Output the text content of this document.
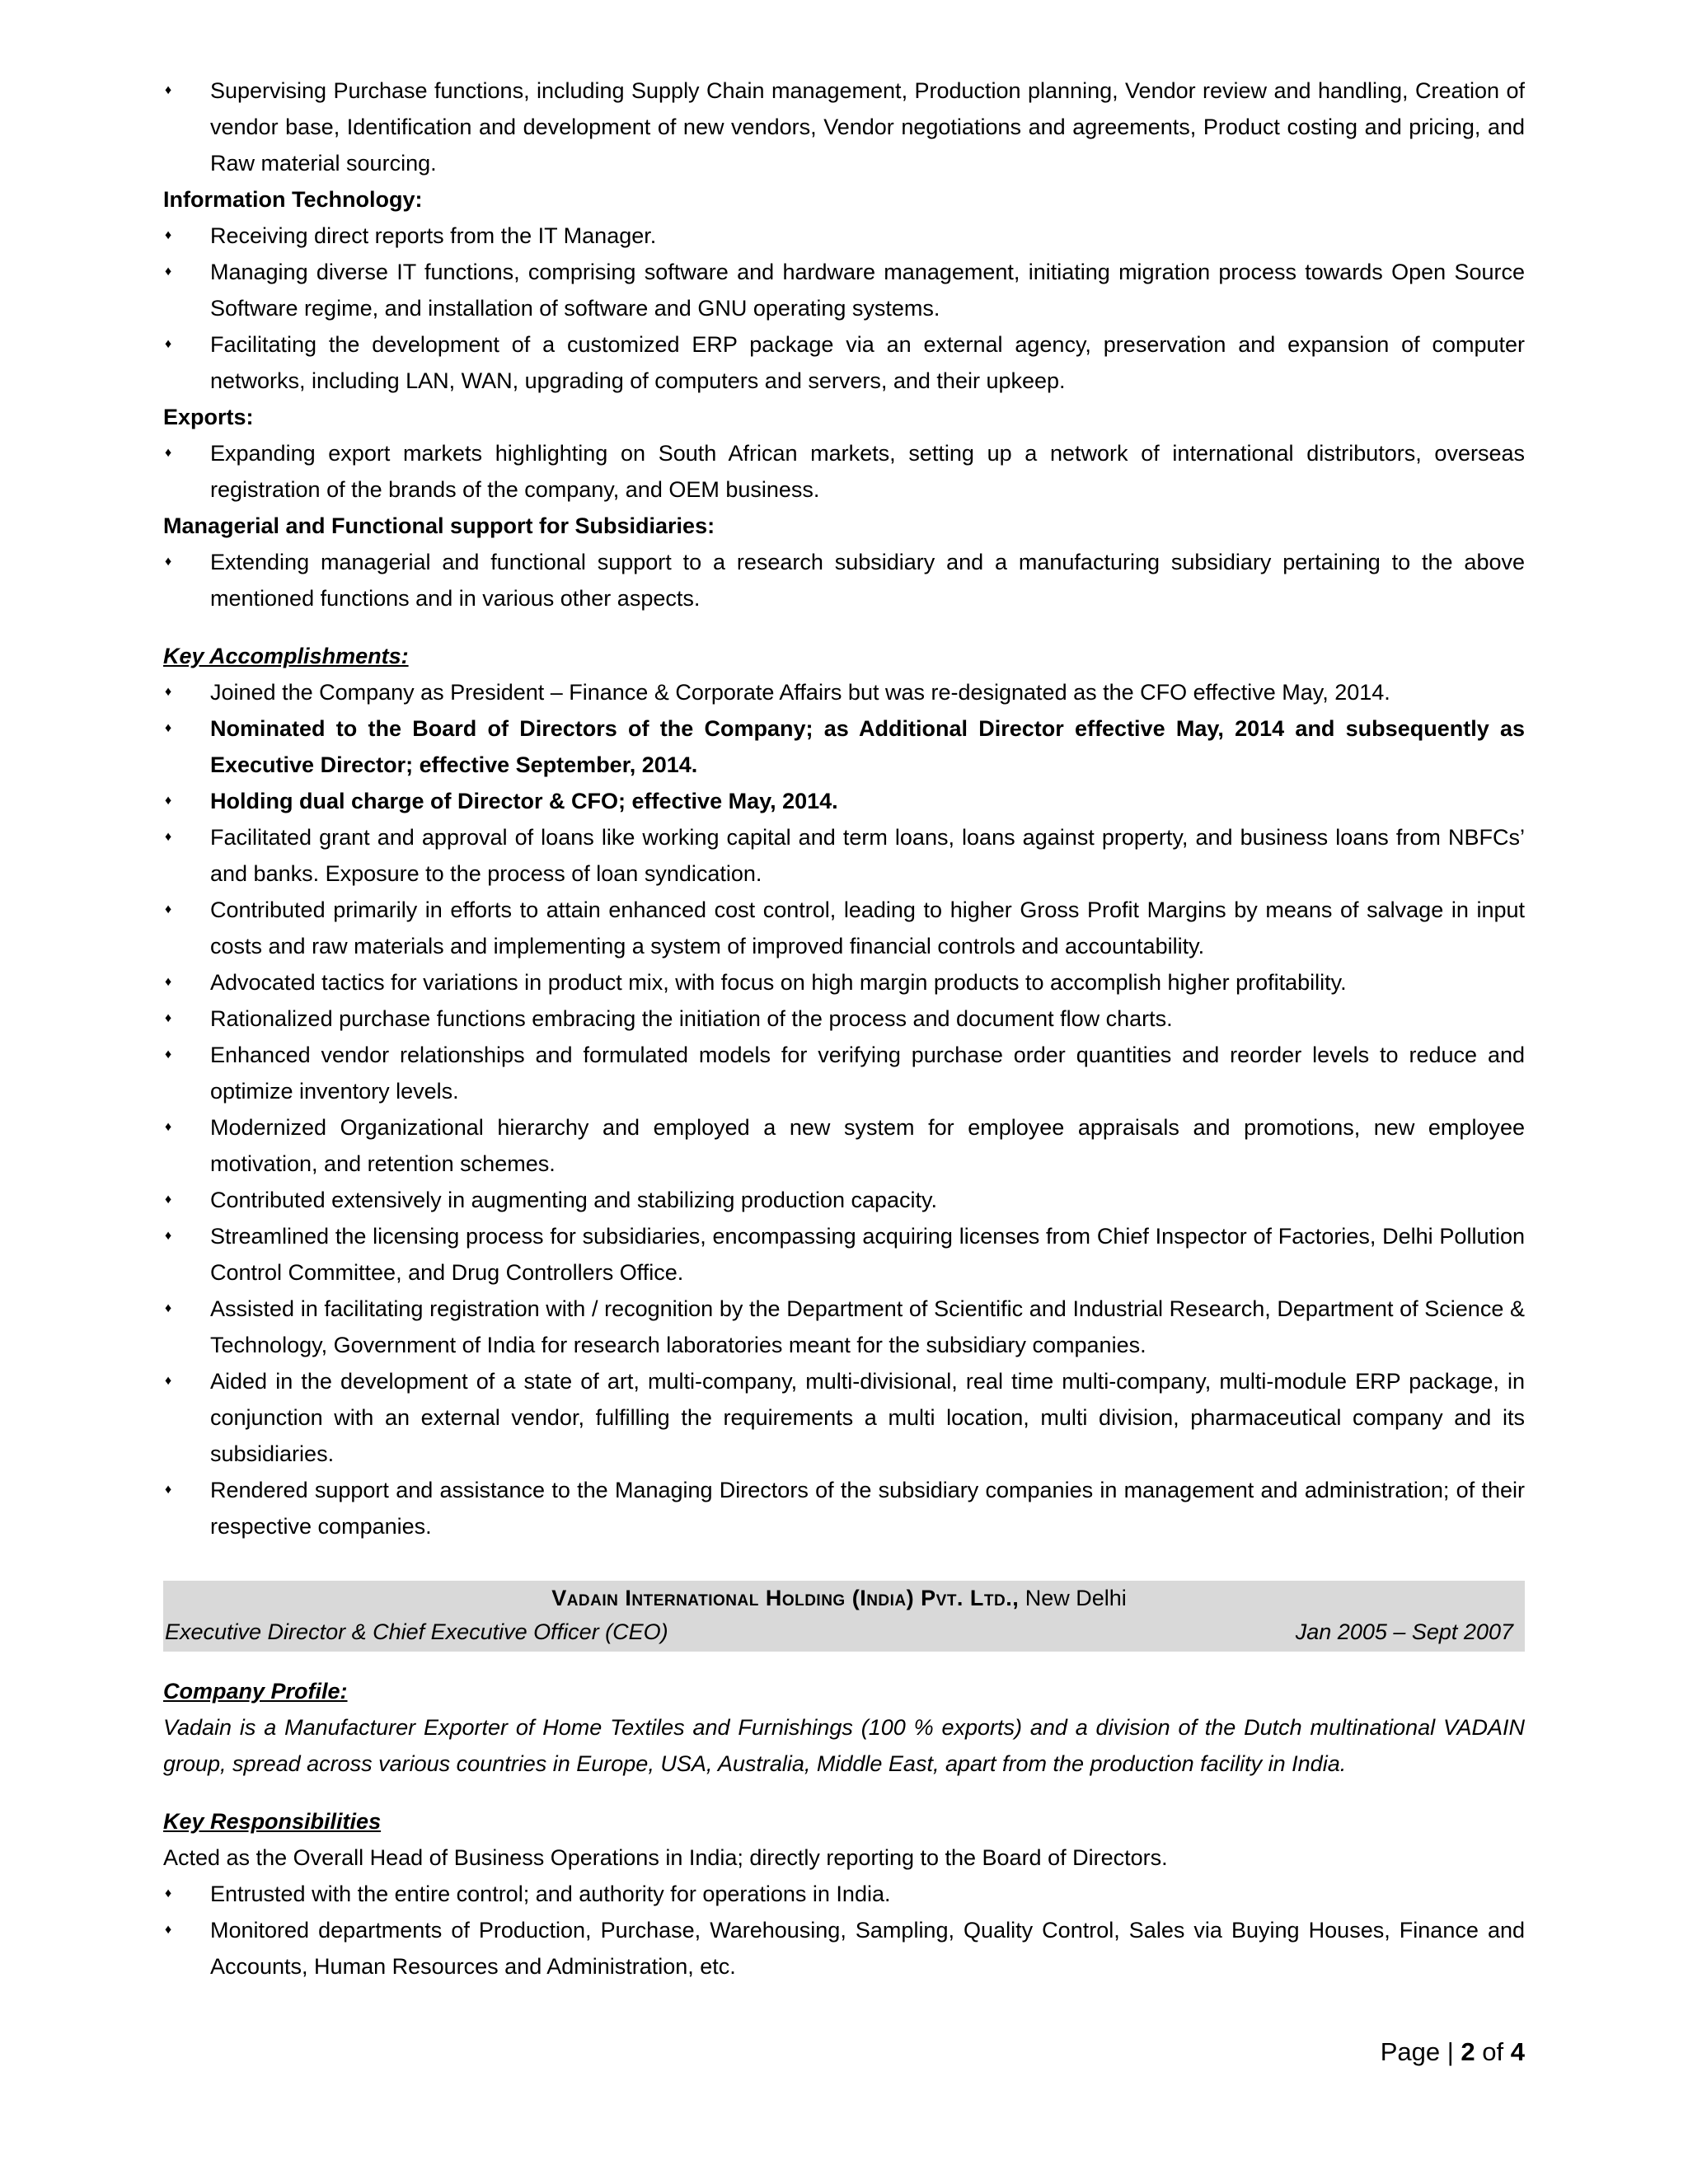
♦ Supervising Purchase functions, including Supply Chain management, Production planning, Vendor review and handling, Creation of vendor base, Identification and development of new vendors, Vendor negotiations and agreements, Product costing and pricing, and Raw material sourcing.
Information Technology:
♦ Receiving direct reports from the IT Manager.
♦ Managing diverse IT functions, comprising software and hardware management, initiating migration process towards Open Source Software regime, and installation of software and GNU operating systems.
♦ Facilitating the development of a customized ERP package via an external agency, preservation and expansion of computer networks, including LAN, WAN, upgrading of computers and servers, and their upkeep.
Exports:
♦ Expanding export markets highlighting on South African markets, setting up a network of international distributors, overseas registration of the brands of the company, and OEM business.
Managerial and Functional support for Subsidiaries:
♦ Extending managerial and functional support to a research subsidiary and a manufacturing subsidiary pertaining to the above mentioned functions and in various other aspects.
Key Accomplishments:
♦ Joined the Company as President – Finance & Corporate Affairs but was re-designated as the CFO effective May, 2014.
♦ Nominated to the Board of Directors of the Company; as Additional Director effective May, 2014 and subsequently as Executive Director; effective September, 2014.
♦ Holding dual charge of Director & CFO; effective May, 2014.
♦ Facilitated grant and approval of loans like working capital and term loans, loans against property, and business loans from NBFCs’ and banks. Exposure to the process of loan syndication.
♦ Contributed primarily in efforts to attain enhanced cost control, leading to higher Gross Profit Margins by means of salvage in input costs and raw materials and implementing a system of improved financial controls and accountability.
♦ Advocated tactics for variations in product mix, with focus on high margin products to accomplish higher profitability.
♦ Rationalized purchase functions embracing the initiation of the process and document flow charts.
♦ Enhanced vendor relationships and formulated models for verifying purchase order quantities and reorder levels to reduce and optimize inventory levels.
♦ Modernized Organizational hierarchy and employed a new system for employee appraisals and promotions, new employee motivation, and retention schemes.
♦ Contributed extensively in augmenting and stabilizing production capacity.
♦ Streamlined the licensing process for subsidiaries, encompassing acquiring licenses from Chief Inspector of Factories, Delhi Pollution Control Committee, and Drug Controllers Office.
♦ Assisted in facilitating registration with / recognition by the Department of Scientific and Industrial Research, Department of Science & Technology, Government of India for research laboratories meant for the subsidiary companies.
♦ Aided in the development of a state of art, multi-company, multi-divisional, real time multi-company, multi-module ERP package, in conjunction with an external vendor, fulfilling the requirements a multi location, multi division, pharmaceutical company and its subsidiaries.
♦ Rendered support and assistance to the Managing Directors of the subsidiary companies in management and administration; of their respective companies.
Vadain International Holding (India) Pvt. Ltd., New Delhi
Executive Director & Chief Executive Officer (CEO)	Jan 2005 – Sept 2007
Company Profile:
Vadain is a Manufacturer Exporter of Home Textiles and Furnishings (100 % exports) and a division of the Dutch multinational VADAIN group, spread across various countries in Europe, USA, Australia, Middle East, apart from the production facility in India.
Key Responsibilities
Acted as the Overall Head of Business Operations in India; directly reporting to the Board of Directors.
♦ Entrusted with the entire control; and authority for operations in India.
♦ Monitored departments of Production, Purchase, Warehousing, Sampling, Quality Control, Sales via Buying Houses, Finance and Accounts, Human Resources and Administration, etc.
Page | 2 of 4
